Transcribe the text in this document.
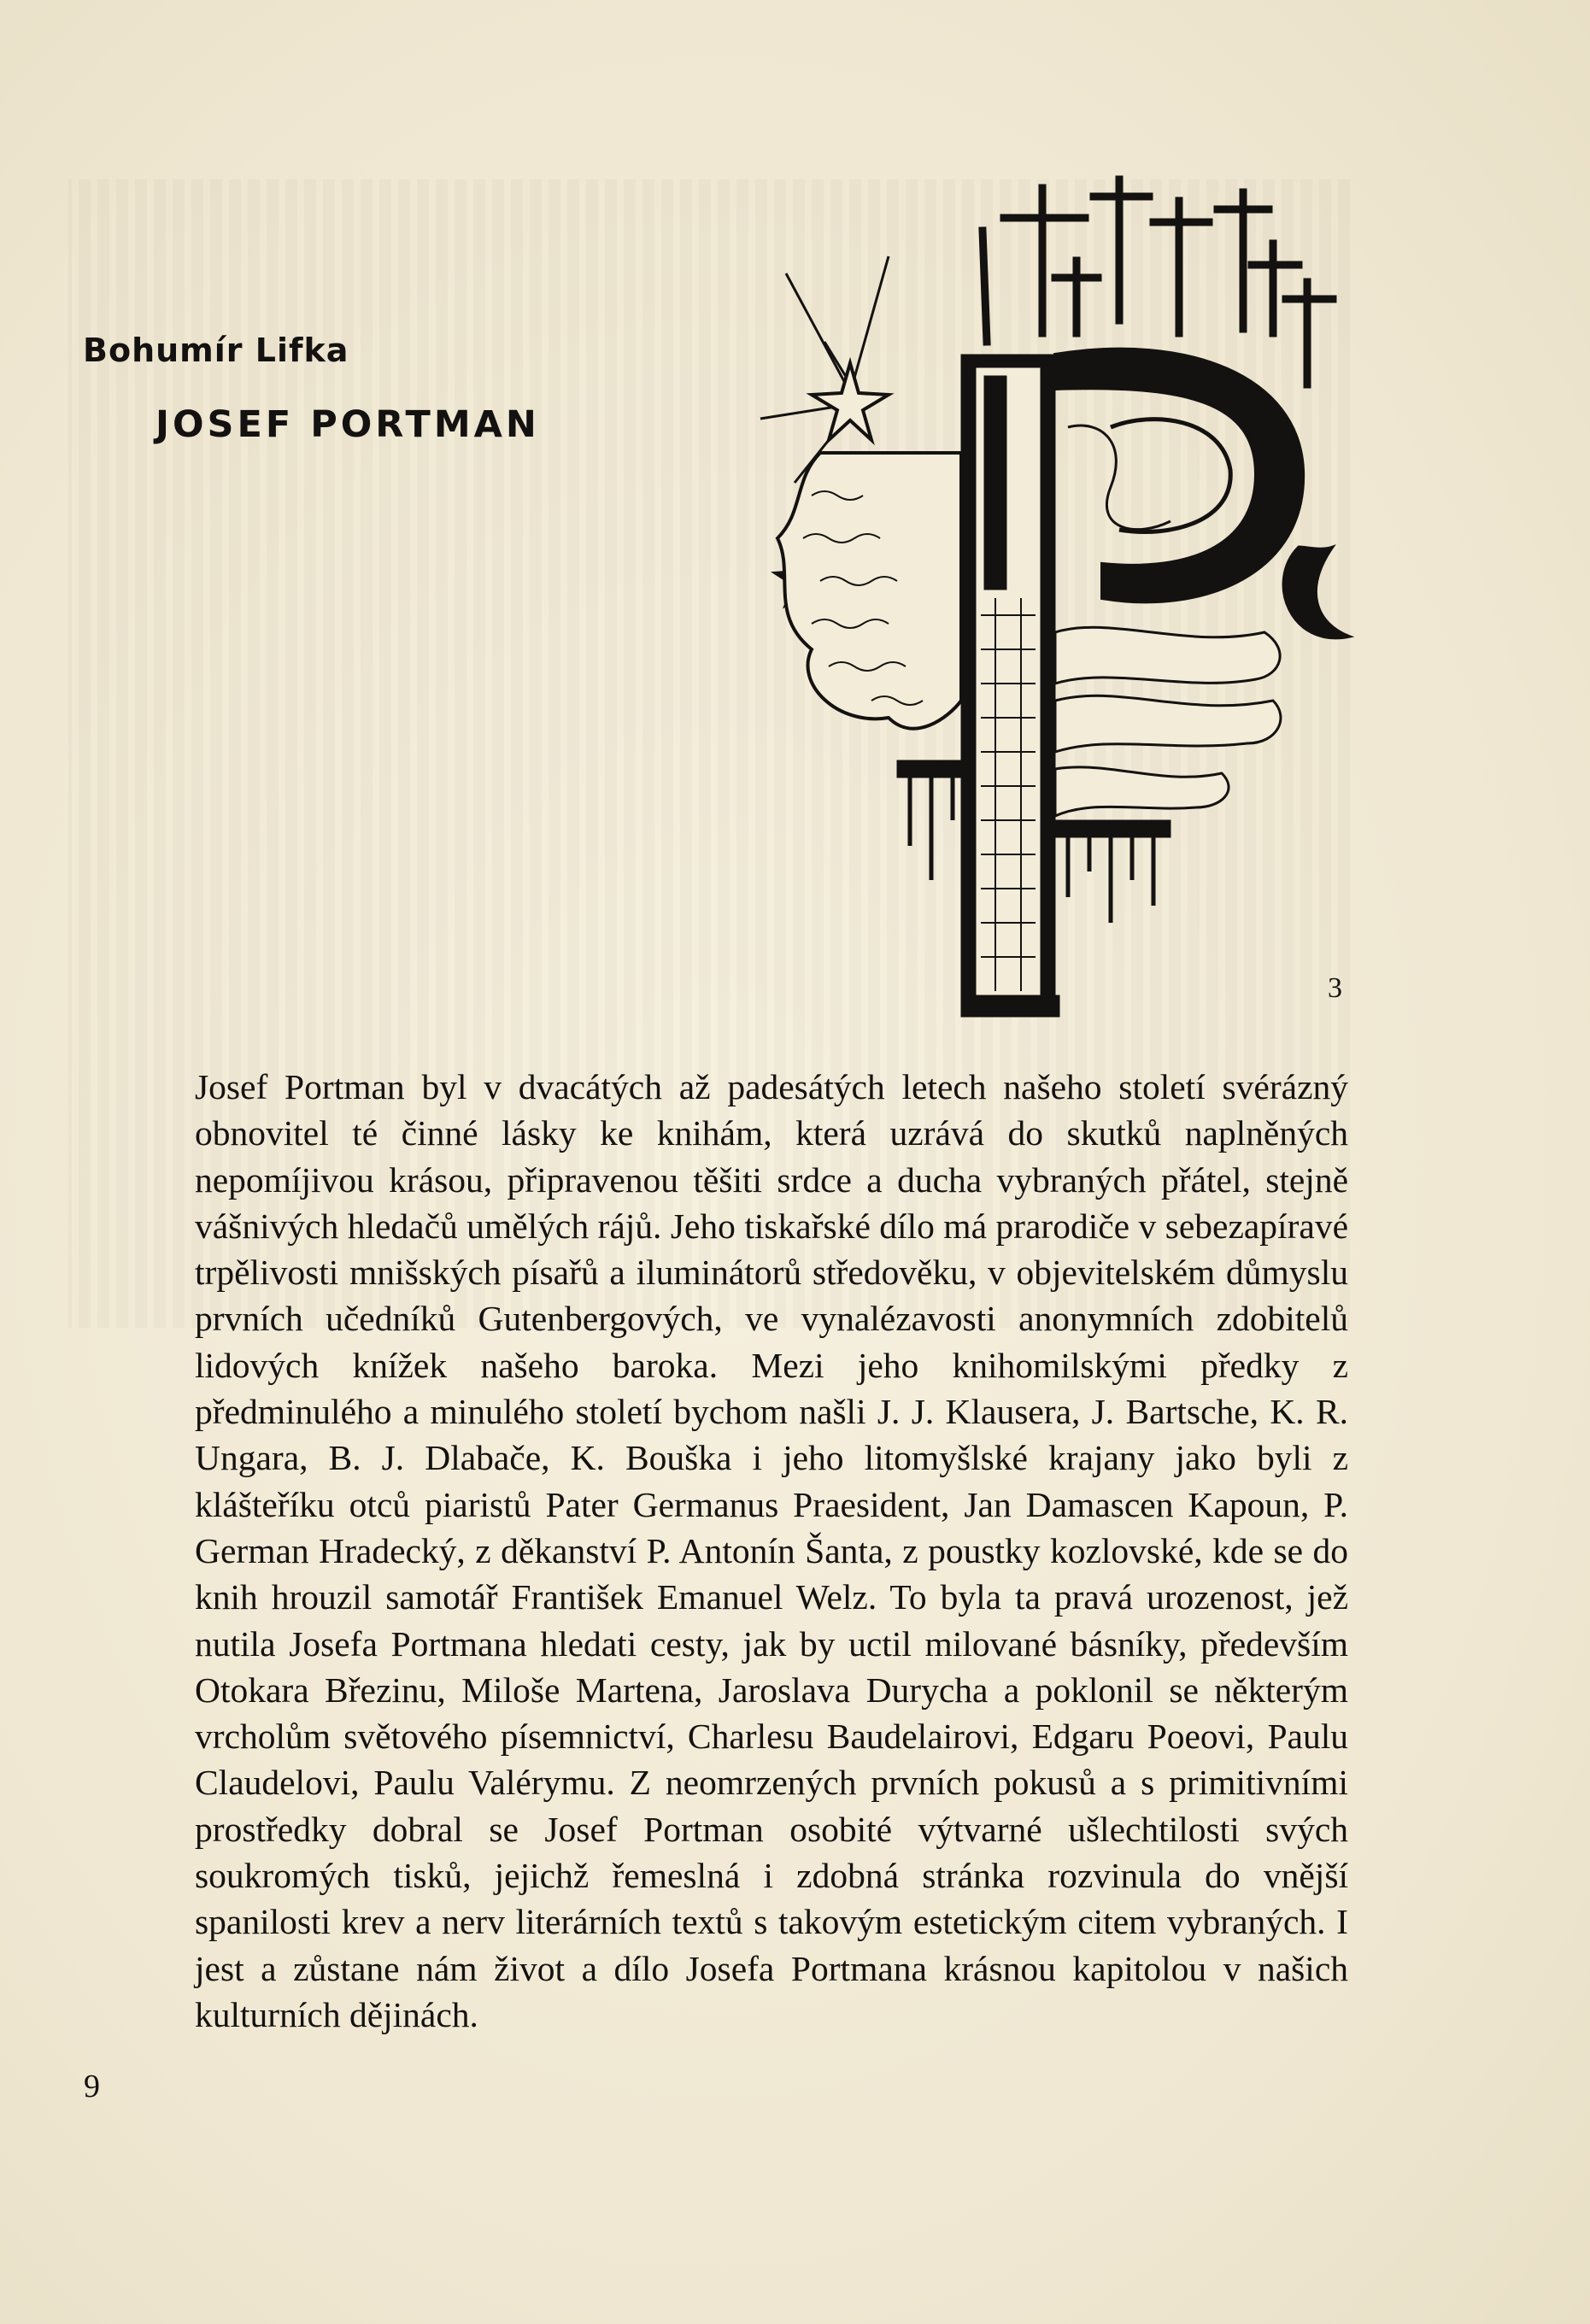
Bohumír Lifka
JOSEF PORTMAN
3

Josef Portman byl v dvacátých až padesátých letech našeho století svérázný obnovitel té činné lásky ke knihám, která uzrává do skutků naplněných nepomíjivou krásou, připravenou těšiti srdce a ducha vybraných přátel, stejně vášnivých hledačů umělých rájů. Jeho tiskařské dílo má prarodiče v sebezapíravé trpělivosti mnišských písařů a iluminátorů středověku, v objevitelském důmyslu prvních učedníků Gutenbergových, ve vynalézavosti anonymních zdobitelů lidových knížek našeho baroka. Mezi jeho knihomilskými předky z předminulého a minulého století bychom našli J. J. Klausera, J. Bartsche, K. R. Ungara, B. J. Dlabače, K. Bouška i jeho litomyšlské krajany jako byli z klášteříku otců piaristů Pater Germanus Praesident, Jan Damascen Kapoun, P. German Hradecký, z děkanství P. Antonín Šanta, z poustky kozlovské, kde se do knih hrouzil samotář František Emanuel Welz. To byla ta pravá urozenost, jež nutila Josefa Portmana hledati cesty, jak by uctil milované básníky, především Otokara Březinu, Miloše Martena, Jaroslava Durycha a poklonil se některým vrcholům světového písemnictví, Charlesu Baudelairovi, Edgaru Poeovi, Paulu Claudelovi, Paulu Valérymu. Z neomrzených prvních pokusů a s primitivními prostředky dobral se Josef Portman osobité výtvarné ušlechtilosti svých soukromých tisků, jejichž řemeslná i zdobná stránka rozvinula do vnější spanilosti krev a nerv literárních textů s takovým estetickým citem vybraných. I jest a zůstane nám život a dílo Josefa Portmana krásnou kapitolou v našich kulturních dějinách.

9
